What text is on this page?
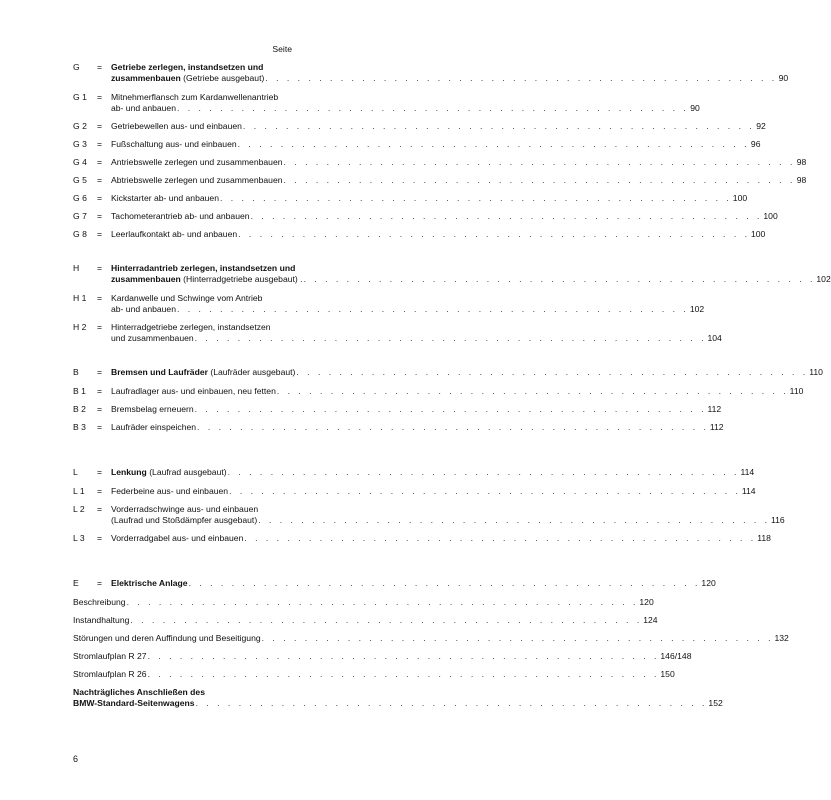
Seite
G	=	Getriebe zerlegen, instandsetzen und
zusammenbauen (Getriebe ausgebaut) . . . . . . . . . . . . . . . . . . . . . . . . . . . . . . . . . . . . . . . . . . . . . . . . 90
G 1	=	Mitnehmerflansch zum Kardanwellenantrieb
ab- und anbauen . . . . . . . . . . . . . . . . . . . . . . . . . . . . . . . . . . . . . . . . . . . . . . . . 90
G 2	=	Getriebewellen aus- und einbauen . . . . . . . . . . . . . . . . . . . . . . . . . . . . . . . . . . . . . . . . . . . . . . . . 92
G 3	=	Fußschaltung aus- und einbauen . . . . . . . . . . . . . . . . . . . . . . . . . . . . . . . . . . . . . . . . . . . . . . . . 96
G 4	=	Antriebswelle zerlegen und zusammenbauen . . . . . . . . . . . . . . . . . . . . . . . . . . . . . . . . . . . . . . . . . . . . . . . . 98
G 5	=	Abtriebswelle zerlegen und zusammenbauen . . . . . . . . . . . . . . . . . . . . . . . . . . . . . . . . . . . . . . . . . . . . . . . . 98
G 6	=	Kickstarter ab- und anbauen . . . . . . . . . . . . . . . . . . . . . . . . . . . . . . . . . . . . . . . . . . . . . . . . 100
G 7	=	Tachometerantrieb ab- und anbauen . . . . . . . . . . . . . . . . . . . . . . . . . . . . . . . . . . . . . . . . . . . . . . . . 100
G 8	=	Leerlaufkontakt ab- und anbauen . . . . . . . . . . . . . . . . . . . . . . . . . . . . . . . . . . . . . . . . . . . . . . . . 100
H	=	Hinterradantrieb zerlegen, instandsetzen und
zusammenbauen (Hinterradgetriebe ausgebaut) . . . . . . . . . . . . . . . . . . . . . . . . . . . . . . . . . . . . . . . . . . . . . . . . . 102
H 1	=	Kardanwelle und Schwinge vom Antrieb
ab- und anbauen . . . . . . . . . . . . . . . . . . . . . . . . . . . . . . . . . . . . . . . . . . . . . . . . 102
H 2	=	Hinterradgetriebe zerlegen, instandsetzen
und zusammenbauen . . . . . . . . . . . . . . . . . . . . . . . . . . . . . . . . . . . . . . . . . . . . . . . . 104
B	=	Bremsen und Laufräder (Laufräder ausgebaut) . . . . . . . . . . . . . . . . . . . . . . . . . . . . . . . . . . . . . . . . . . . . . . . . 110
B 1	=	Laufradlager aus- und einbauen, neu fetten . . . . . . . . . . . . . . . . . . . . . . . . . . . . . . . . . . . . . . . . . . . . . . . . 110
B 2	=	Bremsbelag erneuern . . . . . . . . . . . . . . . . . . . . . . . . . . . . . . . . . . . . . . . . . . . . . . . . 112
B 3	=	Laufräder einspeichen . . . . . . . . . . . . . . . . . . . . . . . . . . . . . . . . . . . . . . . . . . . . . . . . 112
L	=	Lenkung (Laufrad ausgebaut) . . . . . . . . . . . . . . . . . . . . . . . . . . . . . . . . . . . . . . . . . . . . . . . . 114
L 1	=	Federbeine aus- und einbauen . . . . . . . . . . . . . . . . . . . . . . . . . . . . . . . . . . . . . . . . . . . . . . . . 114
L 2	=	Vorderradschwinge aus- und einbauen
(Laufrad und Stoßdämpfer ausgebaut) . . . . . . . . . . . . . . . . . . . . . . . . . . . . . . . . . . . . . . . . . . . . . . . . 116
L 3	=	Vorderradgabel aus- und einbauen . . . . . . . . . . . . . . . . . . . . . . . . . . . . . . . . . . . . . . . . . . . . . . . . 118
E	=	Elektrische Anlage . . . . . . . . . . . . . . . . . . . . . . . . . . . . . . . . . . . . . . . . . . . . . . . . 120
Beschreibung . . . . . . . . . . . . . . . . . . . . . . . . . . . . . . . . . . . . . . . . . . . . . . . . 120
Instandhaltung . . . . . . . . . . . . . . . . . . . . . . . . . . . . . . . . . . . . . . . . . . . . . . . . 124
Störungen und deren Auffindung und Beseitigung . . . . . . . . . . . . . . . . . . . . . . . . . . . . . . . . . . . . . . . . . . . . . . . . 132
Stromlaufplan R 27 . . . . . . . . . . . . . . . . . . . . . . . . . . . . . . . . . . . . . . . . . . . . . . . . 146/148
Stromlaufplan R 26 . . . . . . . . . . . . . . . . . . . . . . . . . . . . . . . . . . . . . . . . . . . . . . . . 150
Nachträgliches Anschließen des
BMW-Standard-Seitenwagens . . . . . . . . . . . . . . . . . . . . . . . . . . . . . . . . . . . . . . . . . . . . . . . . 152
6
